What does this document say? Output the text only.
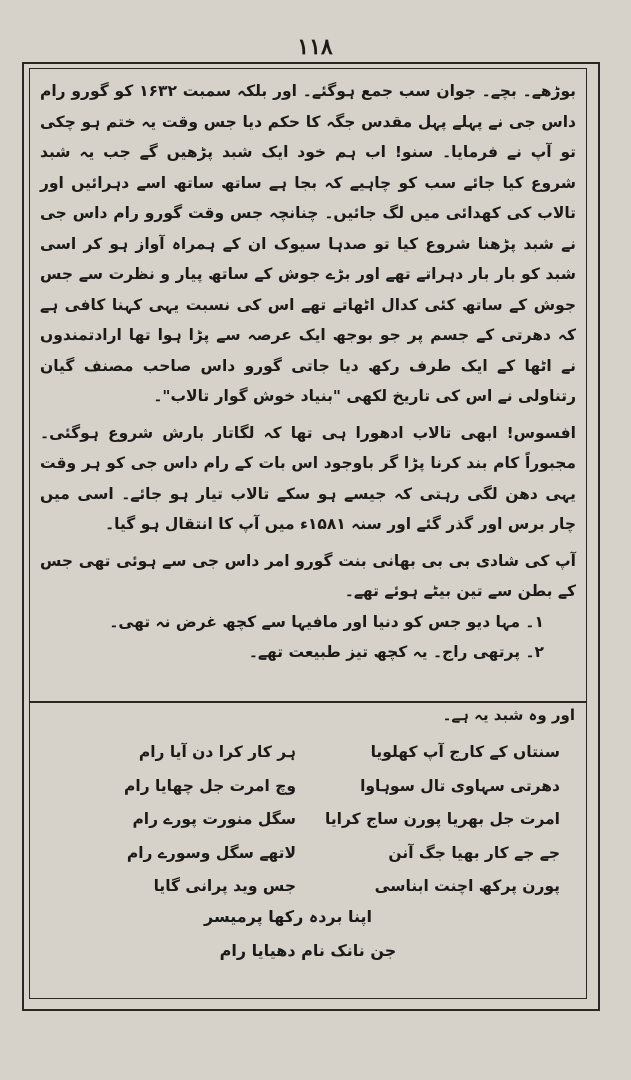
١١٨

بوڑھے۔ بچے۔ جوان سب جمع ہوگئے۔ اور بلکہ سمبت ۱۶۳۲ کو گورو رام داس جی نے پہلے پہل مقدس جگہ کا حکم دیا جس وقت یہ ختم ہو چکی تو آپ نے فرمایا۔ سنو! اب ہم خود ایک شبد پڑھیں گے جب یہ شبد شروع کیا جائے سب کو چاہیے کہ بجا ہے ساتھ ساتھ اسے دہرائیں اور تالاب کی کھدائی میں لگ جائیں۔ چنانچہ جس وقت گورو رام داس جی نے شبد پڑھنا شروع کیا تو صدہا سیوک ان کے ہمراہ آواز ہو کر اسی شبد کو بار بار دہراتے تھے اور بڑے جوش کے ساتھ پیار و نظرت سے جس جوش کے ساتھ کئی کدال اٹھاتے تھے اس کی نسبت یہی کہنا کافی ہے کہ دھرتی کے جسم پر جو بوجھ ایک عرصہ سے پڑا ہوا تھا ارادتمندوں نے اٹھا کے ایک طرف رکھ دیا جاتی گورو داس صاحب مصنف گیان رتناولی نے اس کی تاریخ لکھی "بنیاد خوش گوار تالاب"۔

افسوس! ابھی تالاب ادھورا ہی تھا کہ لگاتار بارش شروع ہوگئی۔ مجبوراً کام بند کرنا پڑا گر باوجود اس بات کے رام داس جی کو ہر وقت یہی دھن لگی رہتی کہ جیسے ہو سکے تالاب تیار ہو جائے۔ اسی میں چار برس اور گذر گئے اور سنہ ۱۵۸۱ء میں آپ کا انتقال ہو گیا۔

آپ کی شادی بی بی بھانی بنت گورو امر داس جی سے ہوئی تھی جس کے بطن سے تین بیٹے ہوئے تھے۔

۱۔ مہا دیو جس کو دنیا اور مافیہا سے کچھ غرض نہ تھی۔

۲۔ پرتھی راج۔ یہ کچھ تیز طبیعت تھے۔

اور وہ شبد یہ ہے۔
سنتاں کے کارج آپ کھلویا
ہر کار کرا دن آیا رام
دھرتی سہاوی تال سوہاوا
وچ امرت جل چھایا رام
امرت جل بھریا پورن ساج کرایا
سگل منورت پورے رام
جے جے کار بھیا جگ آنن
لاتھے سگل وسورے رام
پورن پرکھ اچنت ابناسی
جس وید پرانی گایا
اپنا بردہ رکھا پرمیسر
جن نانک نام دھیایا رام
